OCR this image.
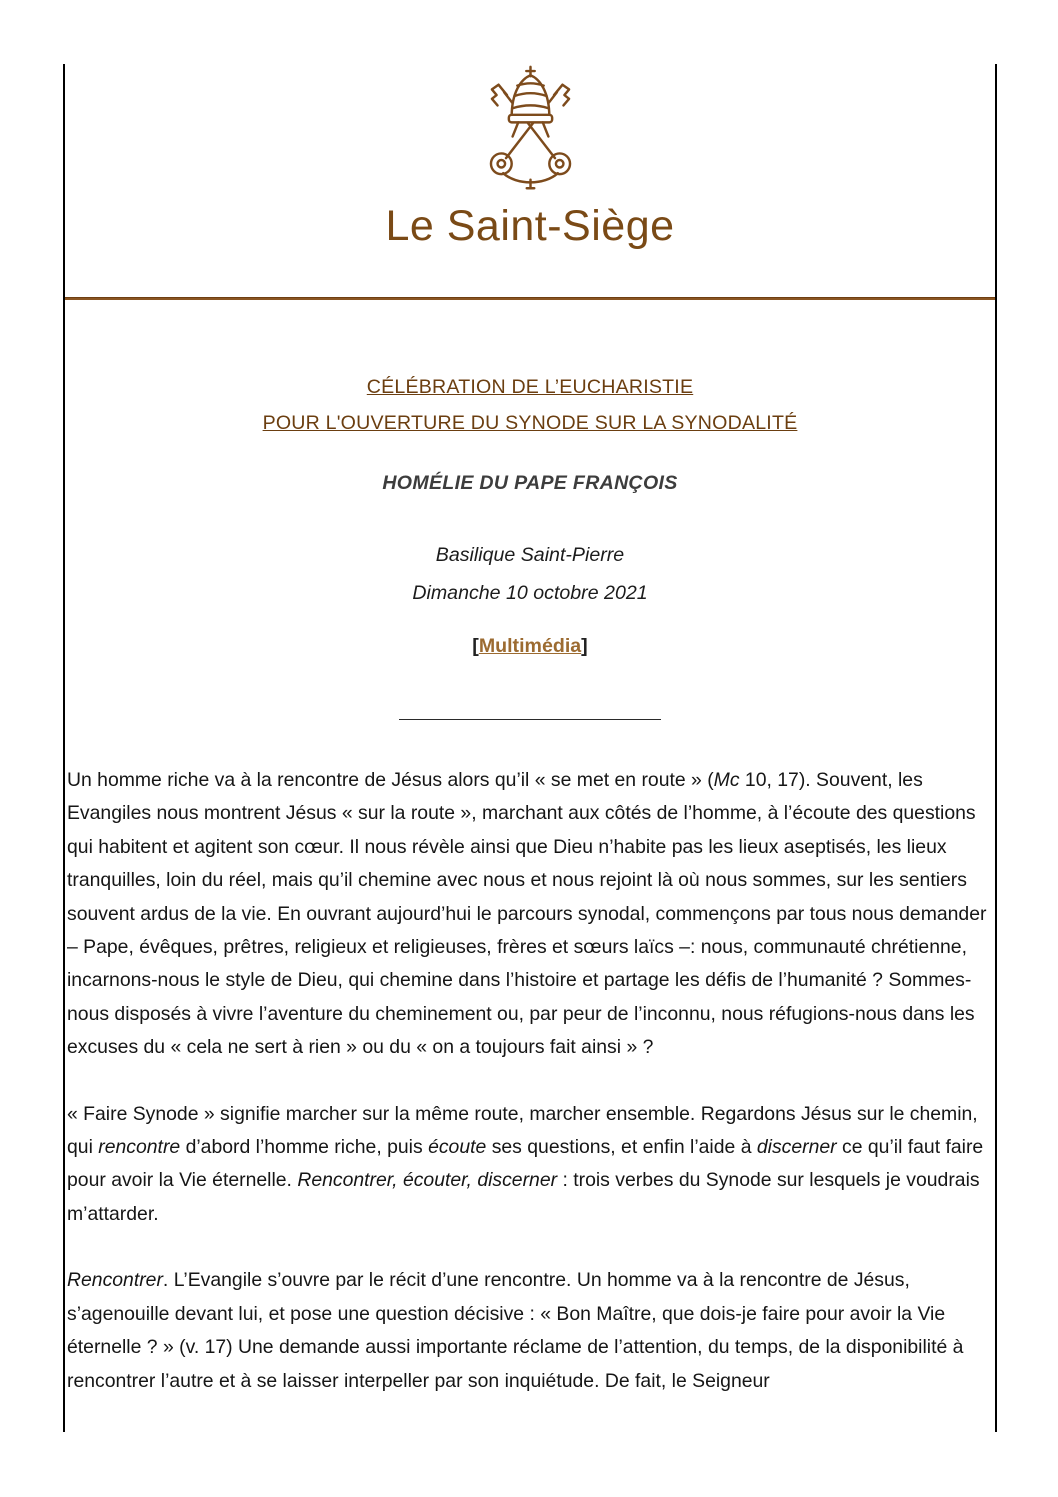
Le Saint-Siège
CÉLÉBRATION DE L’EUCHARISTIE
POUR L'OUVERTURE DU SYNODE SUR LA SYNODALITÉ
HOMÉLIE DU PAPE FRANÇOIS
Basilique Saint-Pierre
Dimanche 10 octobre 2021
[Multimédia]

Un homme riche va à la rencontre de Jésus alors qu’il « se met en route » (Mc 10, 17). Souvent, les Evangiles nous montrent Jésus « sur la route », marchant aux côtés de l’homme, à l’écoute des questions qui habitent et agitent son cœur. Il nous révèle ainsi que Dieu n’habite pas les lieux aseptisés, les lieux tranquilles, loin du réel, mais qu’il chemine avec nous et nous rejoint là où nous sommes, sur les sentiers souvent ardus de la vie. En ouvrant aujourd’hui le parcours synodal, commençons par tous nous demander – Pape, évêques, prêtres, religieux et religieuses, frères et sœurs laïcs –: nous, communauté chrétienne, incarnons-nous le style de Dieu, qui chemine dans l’histoire et partage les défis de l’humanité ? Sommes-nous disposés à vivre l’aventure du cheminement ou, par peur de l’inconnu, nous réfugions-nous dans les excuses du « cela ne sert à rien » ou du « on a toujours fait ainsi » ?

« Faire Synode » signifie marcher sur la même route, marcher ensemble. Regardons Jésus sur le chemin, qui rencontre d’abord l’homme riche, puis écoute ses questions, et enfin l’aide à discerner ce qu’il faut faire pour avoir la Vie éternelle. Rencontrer, écouter, discerner : trois verbes du Synode sur lesquels je voudrais m’attarder.

Rencontrer. L’Evangile s’ouvre par le récit d’une rencontre. Un homme va à la rencontre de Jésus, s’agenouille devant lui, et pose une question décisive : « Bon Maître, que dois-je faire pour avoir la Vie éternelle ? » (v. 17) Une demande aussi importante réclame de l’attention, du temps, de la disponibilité à rencontrer l’autre et à se laisser interpeller par son inquiétude. De fait, le Seigneur
